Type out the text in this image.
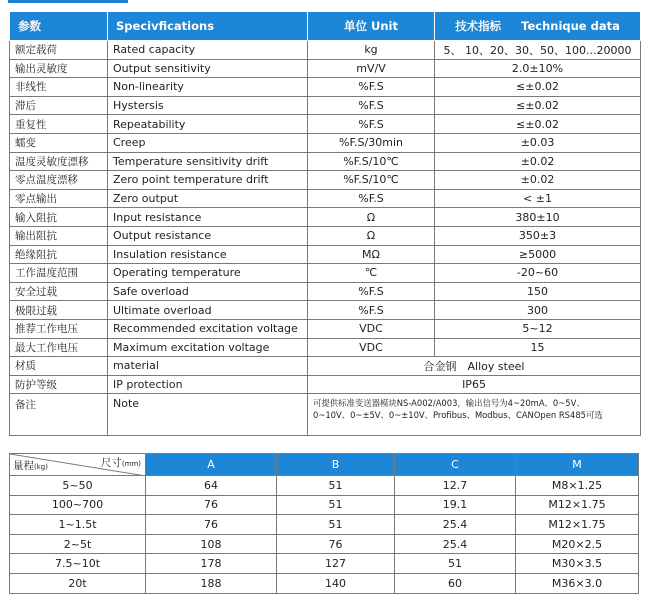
参数	Specivfications	单位 Unit	技术指标 Technique data
额定载荷	Rated capacity	kg	5、 10、20、30、50、100...20000
输出灵敏度	Output sensitivity	mV/V	2.0±10%
非线性	Non-linearity	%F.S	≤±0.02
滞后	Hystersis	%F.S	≤±0.02
重复性	Repeatability	%F.S	≤±0.02
蠕变	Creep	%F.S/30min	±0.03
温度灵敏度漂移	Temperature sensitivity drift	%F.S/10℃	±0.02
零点温度漂移	Zero point temperature drift	%F.S/10℃	±0.02
零点输出	Zero output	%F.S	< ±1
输入阻抗	Input resistance	Ω	380±10
输出阻抗	Output resistance	Ω	350±3
绝缘阻抗	Insulation resistance	MΩ	≥5000
工作温度范围	Operating temperature	℃	-20~60
安全过载	Safe overload	%F.S	150
极限过载	Ultimate overload	%F.S	300
推荐工作电压	Recommended excitation voltage	VDC	5~12
最大工作电压	Maximum excitation voltage	VDC	15
材质	material	合金钢　Alloy steel	
防护等级	IP protection	IP65	
备注	Note	可提供标准变送器模块NS-A002/A003，输出信号为4~20mA、0~5V、
0~10V、0~±5V、0~±10V、Profibus、Modbus、CANOpen RS485可选	
量程(kg) 尺寸(mm)	A	B	C	M
5~50	64	51	12.7	M8×1.25
100~700	76	51	19.1	M12×1.75
1~1.5t	76	51	25.4	M12×1.75
2~5t	108	76	25.4	M20×2.5
7.5~10t	178	127	51	M30×3.5
20t	188	140	60	M36×3.0
